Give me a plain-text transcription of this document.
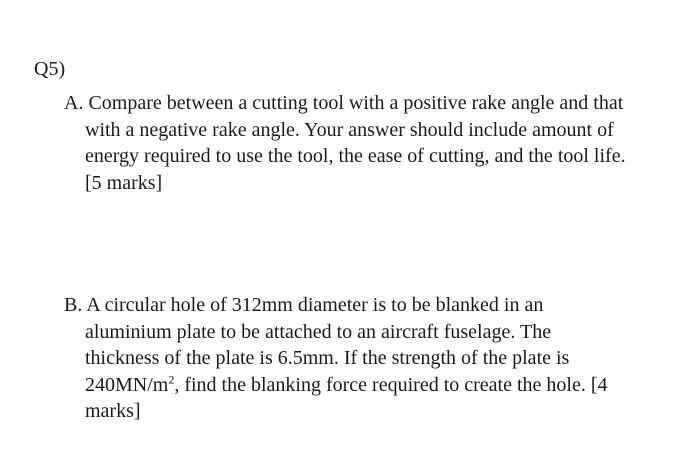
Q5)
A. Compare between a cutting tool with a positive rake angle and that
with a negative rake angle. Your answer should include amount of
energy required to use the tool, the ease of cutting, and the tool life.
[5 marks]
B. A circular hole of 312mm diameter is to be blanked in an
aluminium plate to be attached to an aircraft fuselage. The
thickness of the plate is 6.5mm. If the strength of the plate is
$240MN/m^2$, find the blanking force required to create the hole. [4
marks]
